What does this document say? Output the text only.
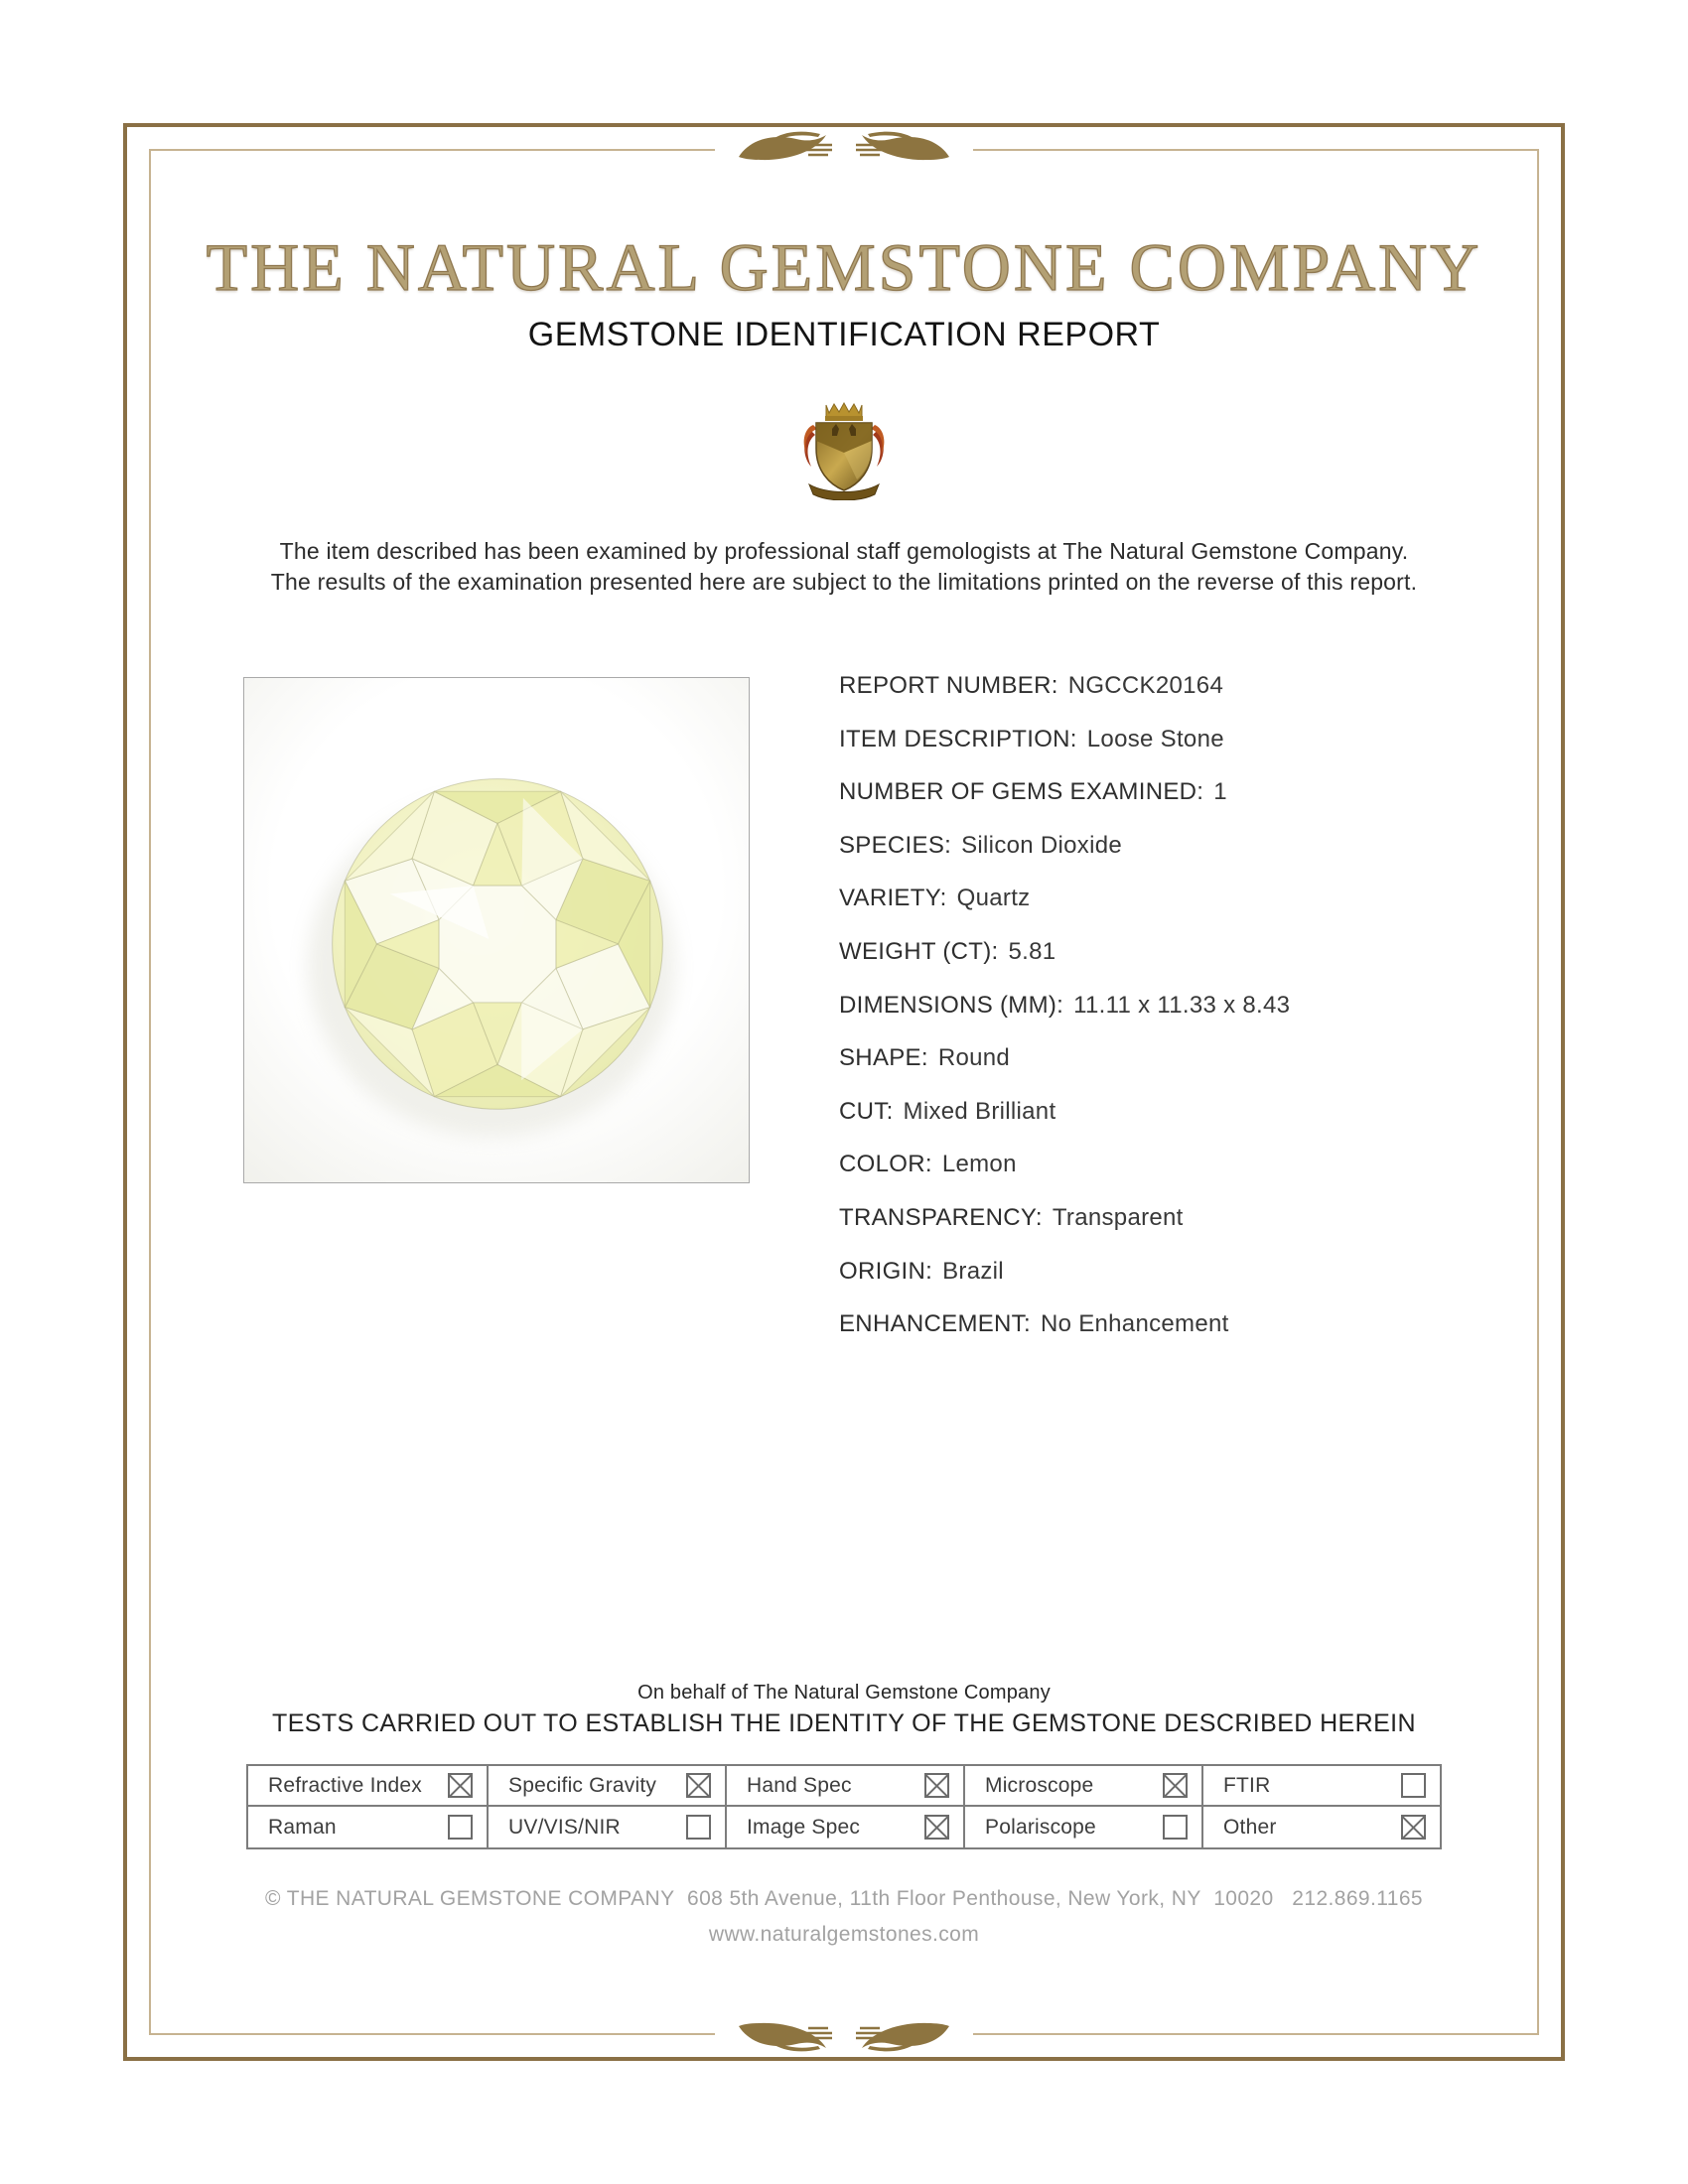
THE NATURAL GEMSTONE COMPANY
GEMSTONE IDENTIFICATION REPORT

The item described has been examined by professional staff gemologists at The Natural Gemstone Company.
The results of the examination presented here are subject to the limitations printed on the reverse of this report.

REPORT NUMBER: NGCCK20164
ITEM DESCRIPTION: Loose Stone
NUMBER OF GEMS EXAMINED: 1
SPECIES: Silicon Dioxide
VARIETY: Quartz
WEIGHT (CT): 5.81
DIMENSIONS (MM): 11.11 x 11.33 x 8.43
SHAPE: Round
CUT: Mixed Brilliant
COLOR: Lemon
TRANSPARENCY: Transparent
ORIGIN: Brazil
ENHANCEMENT: No Enhancement
On behalf of The Natural Gemstone Company
TESTS CARRIED OUT TO ESTABLISH THE IDENTITY OF THE GEMSTONE DESCRIBED HEREIN
Refractive Index	Specific Gravity	Hand Spec	Microscope	FTIR
Raman	UV/VIS/NIR	Image Spec	Polariscope	Other
© THE NATURAL GEMSTONE COMPANY  608 5th Avenue, 11th Floor Penthouse, New York, NY  10020   212.869.1165
www.naturalgemstones.com
